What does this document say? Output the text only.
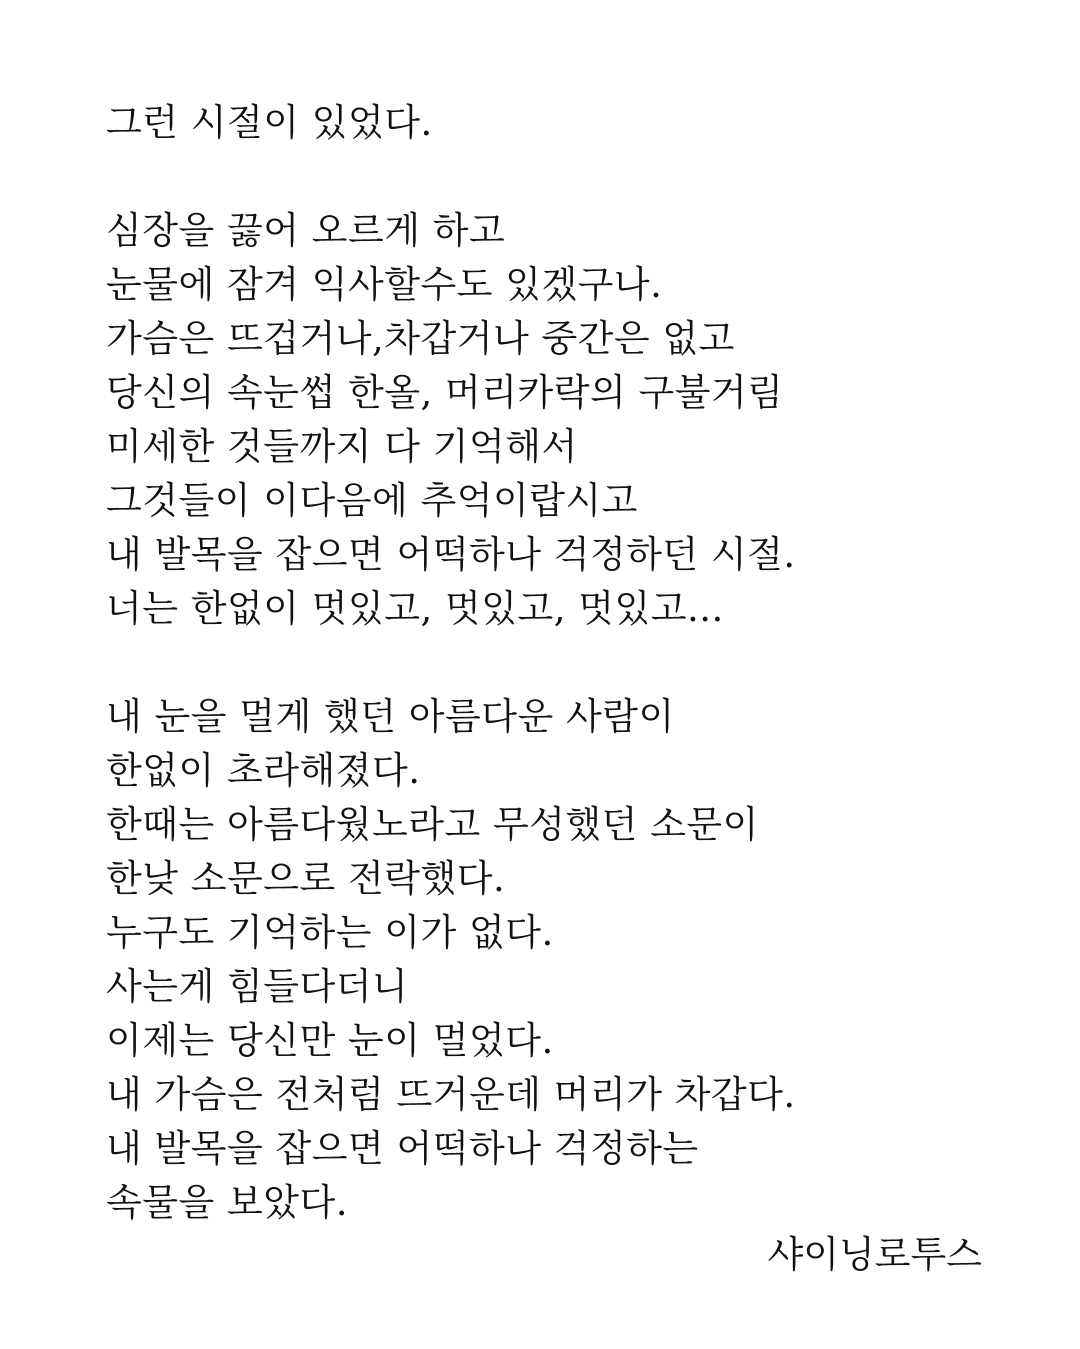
그런 시절이 있었다.
심장을 끓어 오르게 하고
눈물에 잠겨 익사할수도 있겠구나.
가슴은 뜨겁거나,차갑거나 중간은 없고
당신의 속눈썹 한올, 머리카락의 구불거림
미세한 것들까지 다 기억해서
그것들이 이다음에 추억이랍시고
내 발목을 잡으면 어떡하나 걱정하던 시절.
너는 한없이 멋있고, 멋있고, 멋있고...
내 눈을 멀게 했던 아름다운 사람이
한없이 초라해졌다.
한때는 아름다웠노라고 무성했던 소문이
한낮 소문으로 전락했다.
누구도 기억하는 이가 없다.
사는게 힘들다더니
이제는 당신만 눈이 멀었다.
내 가슴은 전처럼 뜨거운데 머리가 차갑다.
내 발목을 잡으면 어떡하나 걱정하는
속물을 보았다.
샤이닝로투스
